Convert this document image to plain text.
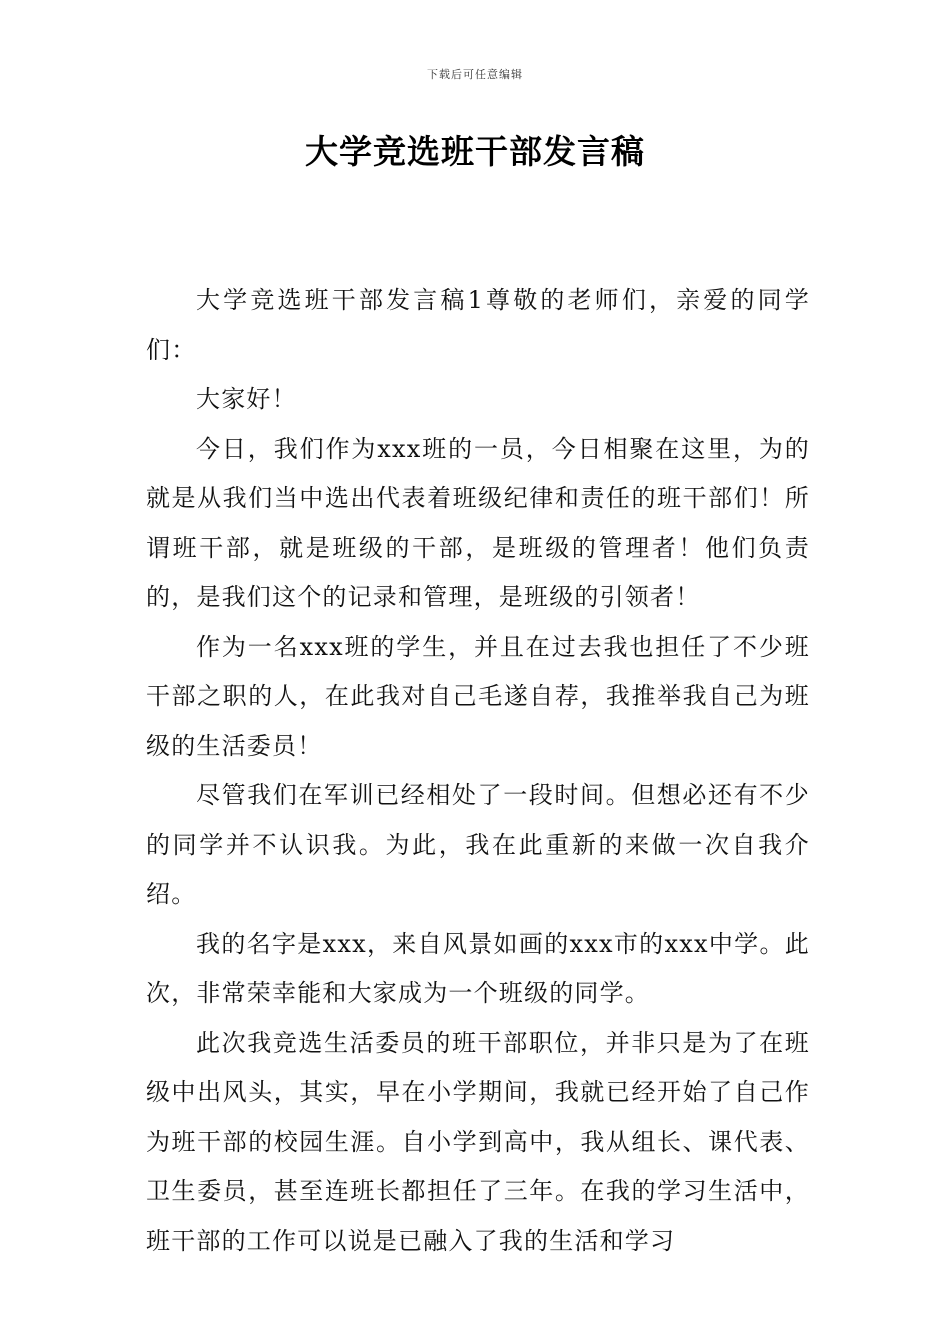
下载后可任意编辑
大学竞选班干部发言稿

大学竞选班干部发言稿1尊敬的老师们，亲爱的同学们：

大家好！

今日，我们作为xxx班的一员，今日相聚在这里，为的就是从我们当中选出代表着班级纪律和责任的班干部们！所谓班干部，就是班级的干部，是班级的管理者！他们负责的，是我们这个的记录和管理，是班级的引领者！

作为一名xxx班的学生，并且在过去我也担任了不少班干部之职的人，在此我对自己毛遂自荐，我推举我自己为班级的生活委员！

尽管我们在军训已经相处了一段时间。但想必还有不少的同学并不认识我。为此，我在此重新的来做一次自我介绍。

我的名字是xxx，来自风景如画的xxx市的xxx中学。此次，非常荣幸能和大家成为一个班级的同学。

此次我竞选生活委员的班干部职位，并非只是为了在班级中出风头，其实，早在小学期间，我就已经开始了自己作为班干部的校园生涯。自小学到高中，我从组长、课代表、卫生委员，甚至连班长都担任了三年。在我的学习生活中，班干部的工作可以说是已融入了我的生活和学习
